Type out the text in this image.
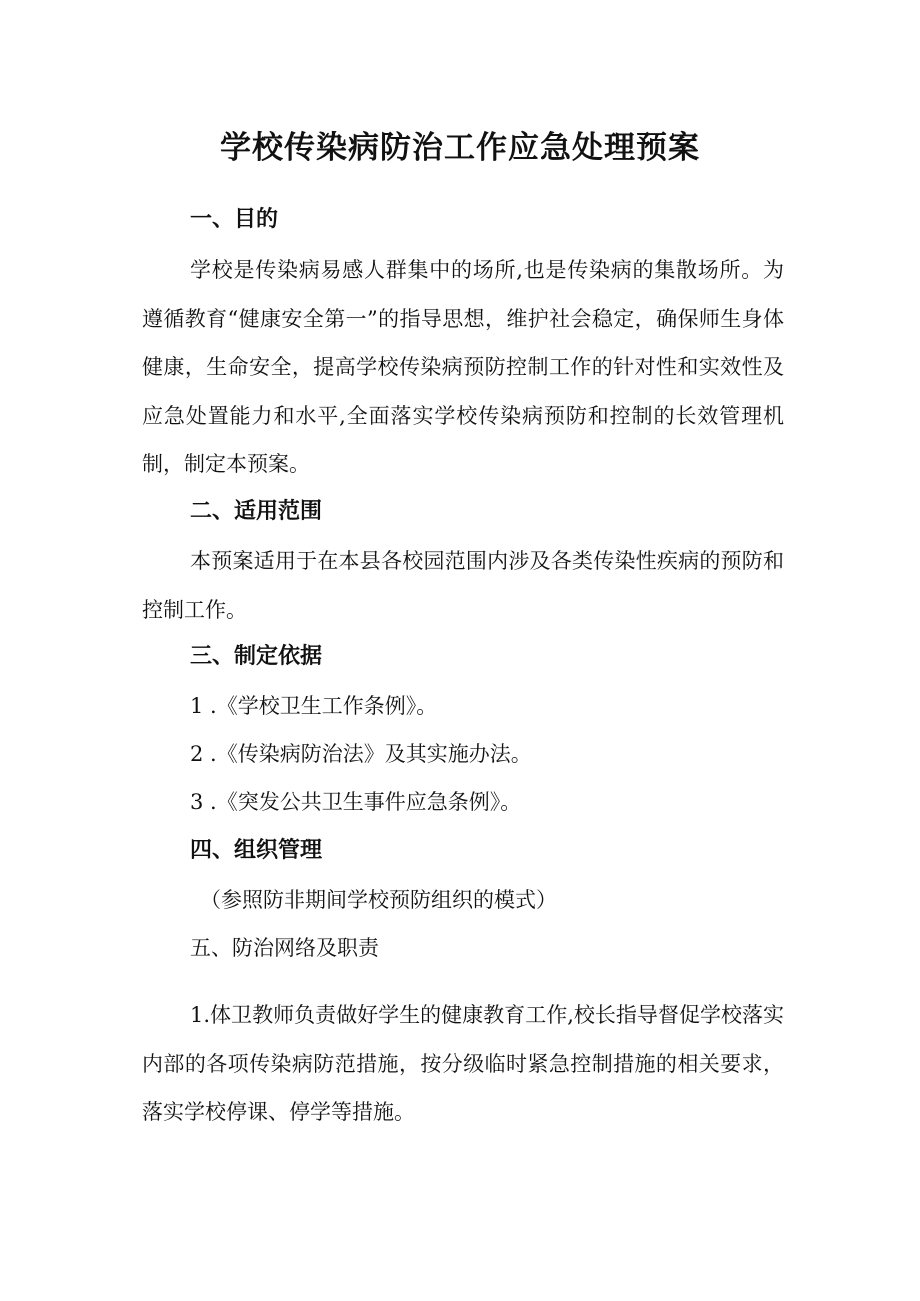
学校传染病防治工作应急处理预案
一、目的
学校是传染病易感人群集中的场所,也是传染病的集散场所。为遵循教育“健康安全第一”的指导思想，维护社会稳定，确保师生身体健康，生命安全，提高学校传染病预防控制工作的针对性和实效性及应急处置能力和水平,全面落实学校传染病预防和控制的长效管理机制，制定本预案。
二、适用范围
本预案适用于在本县各校园范围内涉及各类传染性疾病的预防和控制工作。
三、制定依据
1 .《学校卫生工作条例》。
2 .《传染病防治法》及其实施办法。
3 .《突发公共卫生事件应急条例》。
四、组织管理
（参照防非期间学校预防组织的模式）
五、防治网络及职责
1.体卫教师负责做好学生的健康教育工作,校长指导督促学校落实内部的各项传染病防范措施，按分级临时紧急控制措施的相关要求，落实学校停课、停学等措施。
